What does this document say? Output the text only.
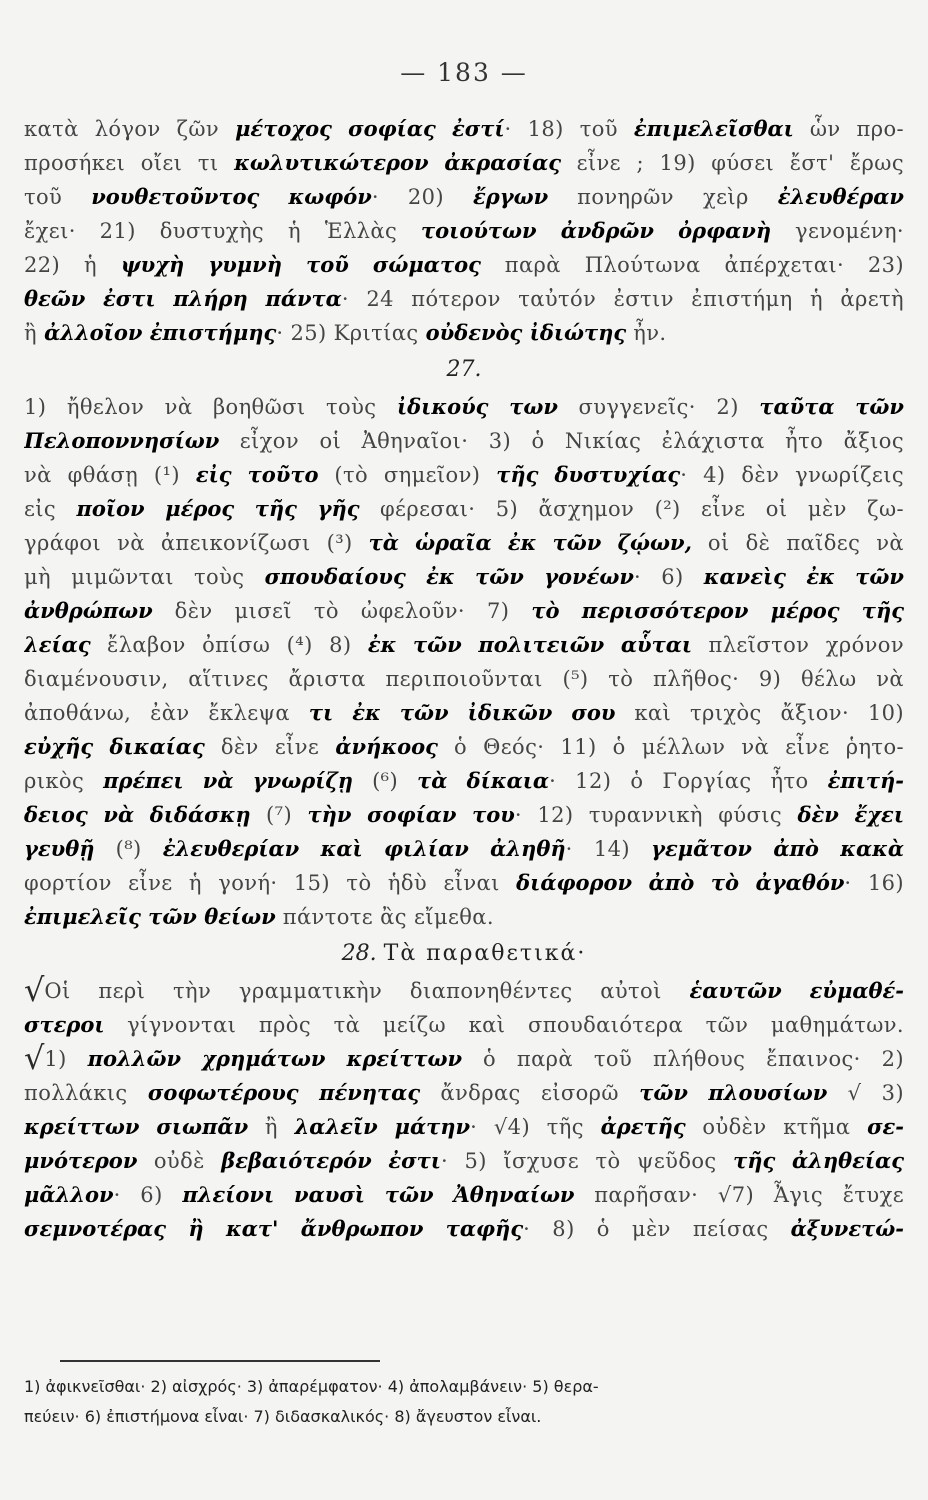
— 183 —
κατὰ λόγον ζῶν μέτοχος σοφίας ἐστί· 18) τοῦ ἐπιμελεῖσθαι ὧν προ-
προσήκει οἴει τι κωλυτικώτερον ἀκρασίας εἶνε ; 19) φύσει ἔστ' ἔρως
τοῦ νουθετοῦντος κωφόν· 20) ἔργων πονηρῶν χεὶρ ἐλευθέραν
ἔχει· 21) δυστυχὴς ἡ Ἑλλὰς τοιούτων ἀνδρῶν ὀρφανὴ γενομένη·
22) ἡ ψυχὴ γυμνὴ τοῦ σώματος παρὰ Πλούτωνα ἀπέρχεται· 23)
θεῶν ἐστι πλήρη πάντα· 24 πότερον ταὐτόν ἐστιν ἐπιστήμη ἡ ἀρετὴ
ἢ ἀλλοῖον ἐπιστήμης· 25) Κριτίας οὐδενὸς ἰδιώτης ἦν.
27.
1) ἤθελον νὰ βοηθῶσι τοὺς ἰδικούς των συγγενεῖς· 2) ταῦτα τῶν
Πελοποννησίων εἶχον οἱ Ἀθηναῖοι· 3) ὁ Νικίας ἐλάχιστα ἦτο ἄξιος
νὰ φθάσῃ (¹) εἰς τοῦτο (τὸ σημεῖον) τῆς δυστυχίας· 4) δὲν γνωρίζεις
εἰς ποῖον μέρος τῆς γῆς φέρεσαι· 5) ἄσχημον (²) εἶνε οἱ μὲν ζω-
γράφοι νὰ ἀπεικονίζωσι (³) τὰ ὡραῖα ἐκ τῶν ζῴων, οἱ δὲ παῖδες νὰ
μὴ μιμῶνται τοὺς σπουδαίους ἐκ τῶν γονέων· 6) κανεὶς ἐκ τῶν
ἀνθρώπων δὲν μισεῖ τὸ ὠφελοῦν· 7) τὸ περισσότερον μέρος τῆς
λείας ἔλαβον ὀπίσω (⁴) 8) ἐκ τῶν πολιτειῶν αὗται πλεῖστον χρόνον
διαμένουσιν, αἵτινες ἄριστα περιποιοῦνται (⁵) τὸ πλῆθος· 9) θέλω νὰ
ἀποθάνω, ἐὰν ἔκλεψα τι ἐκ τῶν ἰδικῶν σου καὶ τριχὸς ἄξιον· 10)
εὐχῆς δικαίας δὲν εἶνε ἀνήκοος ὁ Θεός· 11) ὁ μέλλων νὰ εἶνε ῥητο-
ρικὸς πρέπει νὰ γνωρίζῃ (⁶) τὰ δίκαια· 12) ὁ Γοργίας ἦτο ἐπιτή-
δειος νὰ διδάσκῃ (⁷) τὴν σοφίαν του· 12) τυραννικὴ φύσις δὲν ἔχει
γευθῇ (⁸) ἐλευθερίαν καὶ φιλίαν ἀληθῆ· 14) γεμᾶτον ἀπὸ κακὰ
φορτίον εἶνε ἡ γονή· 15) τὸ ἡδὺ εἶναι διάφορον ἀπὸ τὸ ἀγαθόν· 16)
ἐπιμελεῖς τῶν θείων πάντοτε ἂς εἴμεθα.
28. Τὰ παραθετικά·
√Οἱ περὶ τὴν γραμματικὴν διαπονηθέντες αὐτοὶ ἑαυτῶν εὐμαθέ-
στεροι γίγνονται πρὸς τὰ μείζω καὶ σπουδαιότερα τῶν μαθημάτων.
√1) πολλῶν χρημάτων κρείττων ὁ παρὰ τοῦ πλήθους ἔπαινος· 2)
πολλάκις σοφωτέρους πένητας ἄνδρας εἰσορῶ τῶν πλουσίων √ 3)
κρείττων σιωπᾶν ἢ λαλεῖν μάτην· √4) τῆς ἀρετῆς οὐδὲν κτῆμα σε-
μνότερον οὐδὲ βεβαιότερόν ἐστι· 5) ἴσχυσε τὸ ψεῦδος τῆς ἀληθείας
μᾶλλον· 6) πλείονι ναυσὶ τῶν Ἀθηναίων παρῆσαν· √7) Ἆγις ἔτυχε
σεμνοτέρας ἢ κατ' ἄνθρωπον ταφῆς· 8) ὁ μὲν πείσας ἀξυνετώ-
1) ἀφικνεῖσθαι· 2) αἰσχρός· 3) ἀπαρέμφατον· 4) ἀπολαμβάνειν· 5) θερα-
πεύειν· 6) ἐπιστήμονα εἶναι· 7) διδασκαλικός· 8) ἄγευστον εἶναι.
